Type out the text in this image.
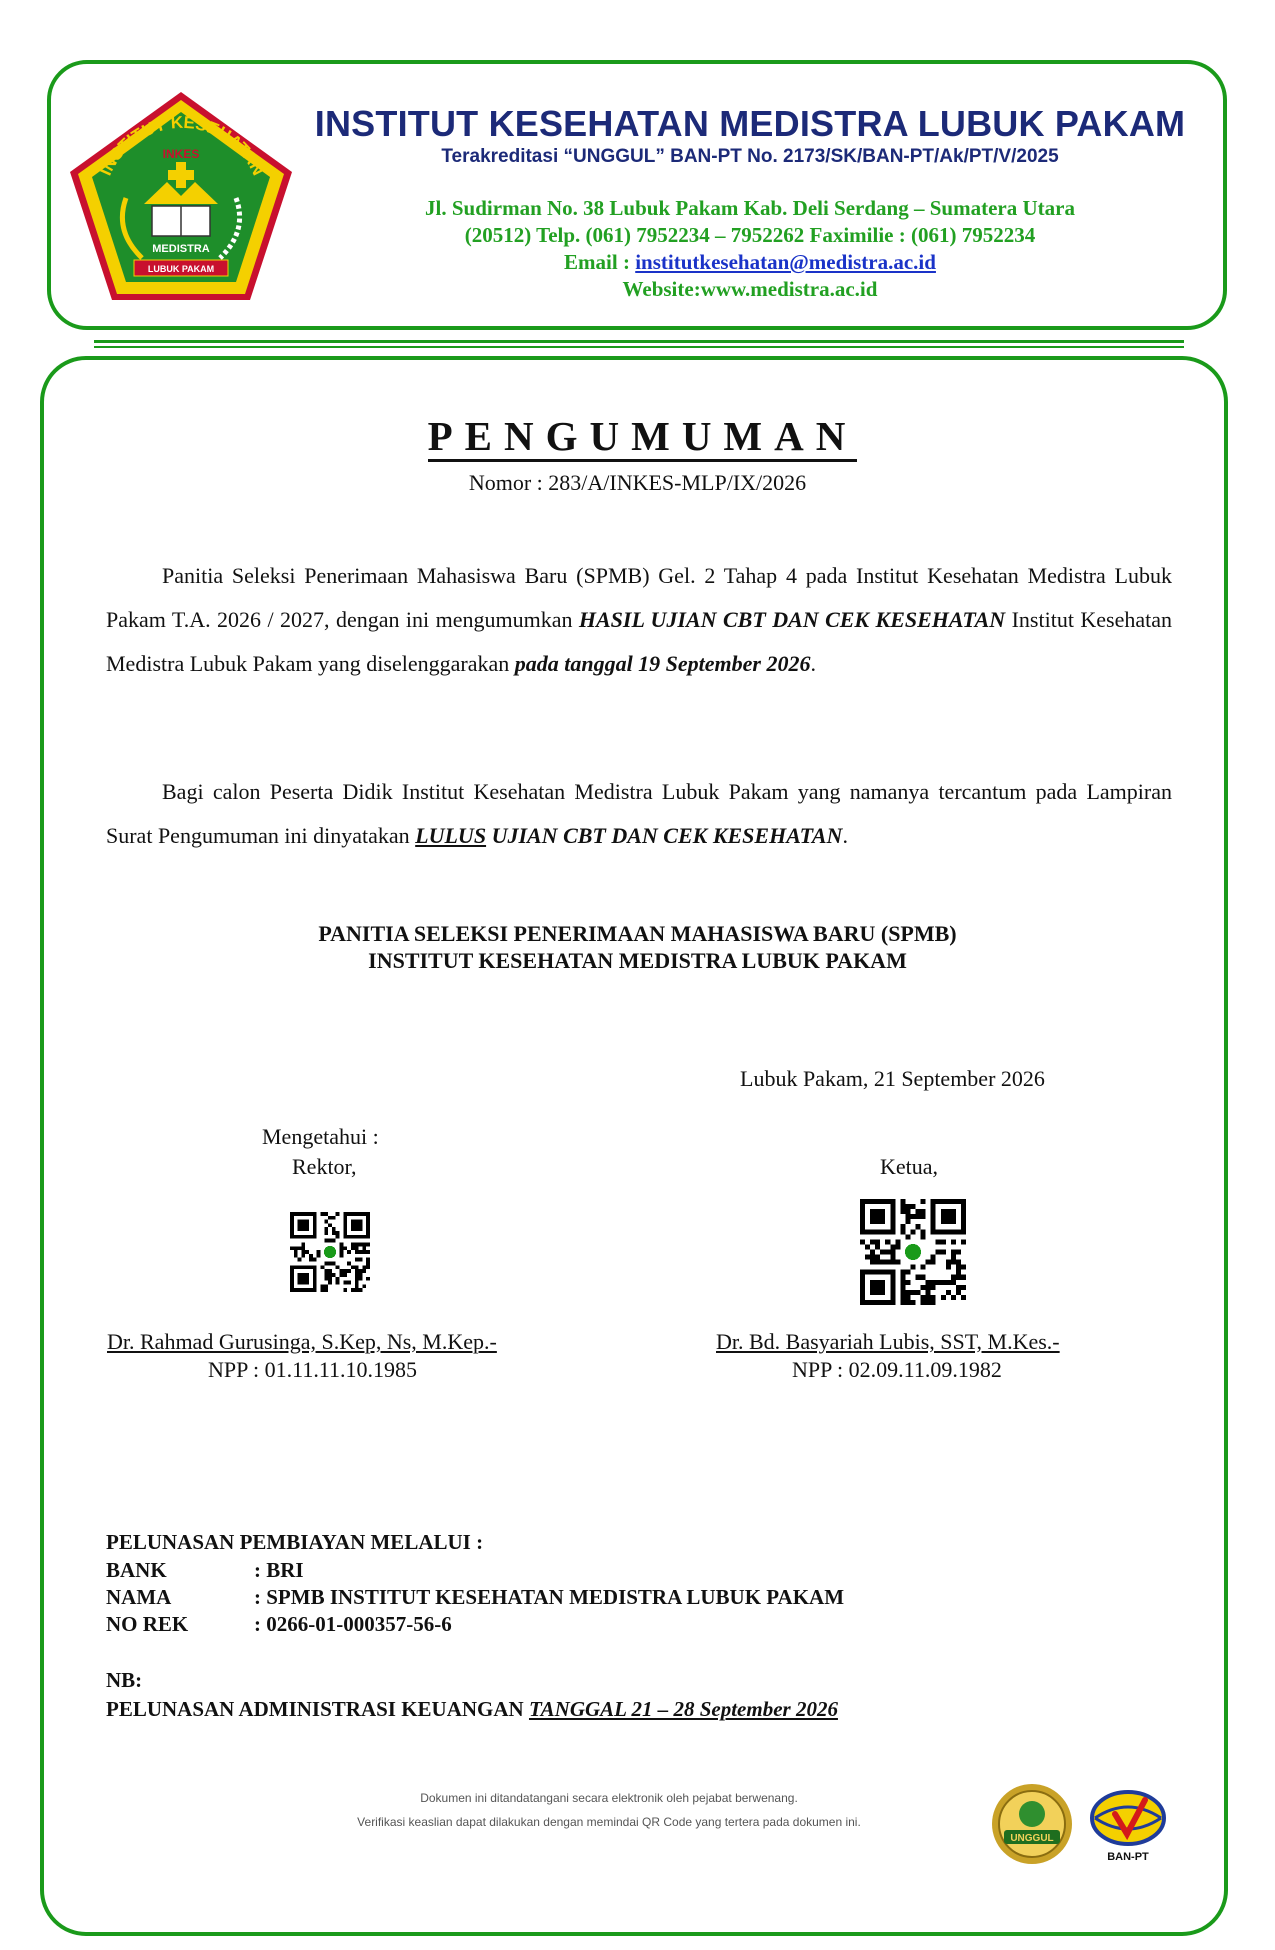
INSTITUT KESEHATAN
INKES
MEDISTRA
LUBUK PAKAM
INSTITUT KESEHATAN MEDISTRA LUBUK PAKAM
Terakreditasi “UNGGUL” BAN-PT No. 2173/SK/BAN-PT/Ak/PT/V/2025
Jl. Sudirman No. 38 Lubuk Pakam Kab. Deli Serdang – Sumatera Utara
(20512) Telp. (061) 7952234 – 7952262 Faximilie : (061) 7952234
Email : institutkesehatan@medistra.ac.id
Website:www.medistra.ac.id
PENGUMUMAN
Nomor : 283/A/INKES-MLP/IX/2026
Panitia Seleksi Penerimaan Mahasiswa Baru (SPMB) Gel. 2 Tahap 4 pada Institut Kesehatan Medistra Lubuk Pakam T.A. 2026 / 2027, dengan ini mengumumkan HASIL UJIAN CBT DAN CEK KESEHATAN Institut Kesehatan Medistra Lubuk Pakam yang diselenggarakan pada tanggal 19 September 2026.
Bagi calon Peserta Didik Institut Kesehatan Medistra Lubuk Pakam yang namanya tercantum pada Lampiran Surat Pengumuman ini dinyatakan LULUS UJIAN CBT DAN CEK KESEHATAN.
PANITIA SELEKSI PENERIMAAN MAHASISWA BARU (SPMB)
INSTITUT KESEHATAN MEDISTRA LUBUK PAKAM
Lubuk Pakam, 21 September 2026
Mengetahui :
Rektor,	Ketua,
Dr. Rahmad Gurusinga, S.Kep, Ns, M.Kep.-
NPP : 01.11.11.10.1985
Dr. Bd. Basyariah Lubis, SST, M.Kes.-
NPP : 02.09.11.09.1982
PELUNASAN PEMBIAYAN MELALUI :
BANK	: BRI
NAMA	: SPMB INSTITUT KESEHATAN MEDISTRA LUBUK PAKAM
NO REK	: 0266-01-000357-56-6
NB:
PELUNASAN ADMINISTRASI KEUANGAN TANGGAL 21 – 28 September 2026
Dokumen ini ditandatangani secara elektronik oleh pejabat berwenang.
Verifikasi keaslian dapat dilakukan dengan memindai QR Code yang tertera pada dokumen ini.
UNGGUL
BAN-PT
